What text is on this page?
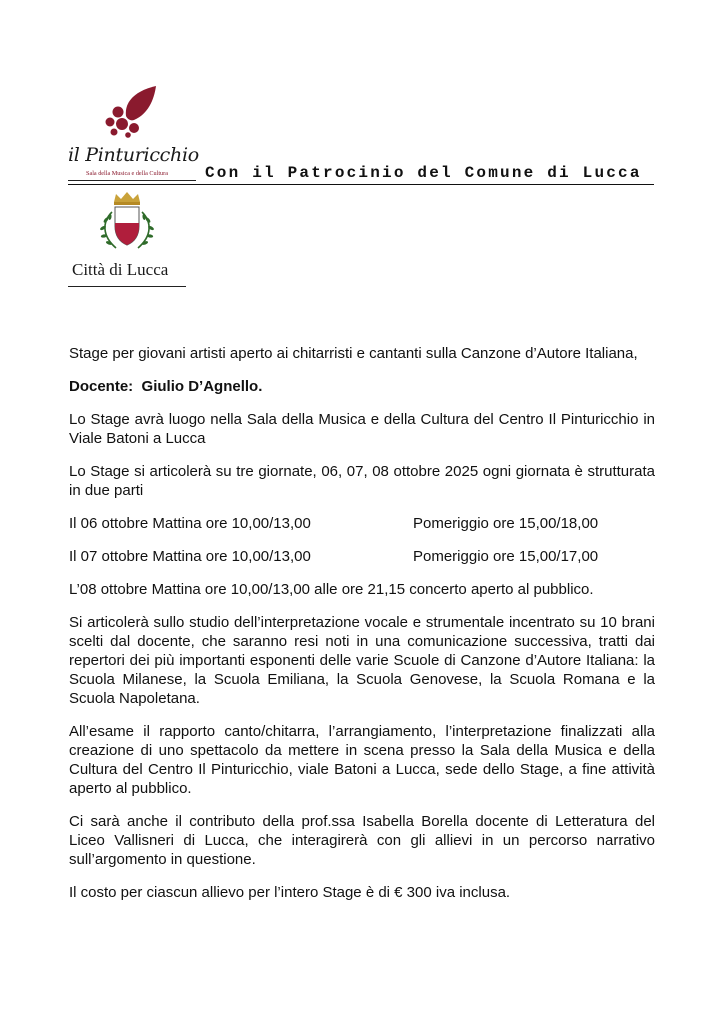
il Pinturicchio
Sala della Musica e della Cultura Con il Patrocinio del Comune di Lucca
Città di Lucca

Stage per giovani artisti aperto ai chitarristi e cantanti sulla Canzone d’Autore Italiana,

Docente: Giulio D’Agnello.

Lo Stage avrà luogo nella Sala della Musica e della Cultura del Centro Il Pinturicchio in Viale Batoni a Lucca

Lo Stage si articolerà su tre giornate, 06, 07, 08 ottobre 2025 ogni giornata è strutturata in due parti

Il 06 ottobre Mattina ore 10,00/13,00	Pomeriggio ore 15,00/18,00
Il 07 ottobre Mattina ore 10,00/13,00	Pomeriggio ore 15,00/17,00

L’08 ottobre Mattina ore 10,00/13,00 alle ore 21,15 concerto aperto al pubblico.

Si articolerà sullo studio dell’interpretazione vocale e strumentale incentrato su 10 brani scelti dal docente, che saranno resi noti in una comunicazione successiva, tratti dai repertori dei più importanti esponenti delle varie Scuole di Canzone d’Autore Italiana: la Scuola Milanese, la Scuola Emiliana, la Scuola Genovese, la Scuola Romana e la Scuola Napoletana.

All’esame il rapporto canto/chitarra, l’arrangiamento, l’interpretazione finalizzati alla creazione di uno spettacolo da mettere in scena presso la Sala della Musica e della Cultura del Centro Il Pinturicchio, viale Batoni a Lucca, sede dello Stage, a fine attività aperto al pubblico.

Ci sarà anche il contributo della prof.ssa Isabella Borella docente di Letteratura del Liceo Vallisneri di Lucca, che interagirerà con gli allievi in un percorso narrativo sull’argomento in questione.

Il costo per ciascun allievo per l’intero Stage è di € 300 iva inclusa.
